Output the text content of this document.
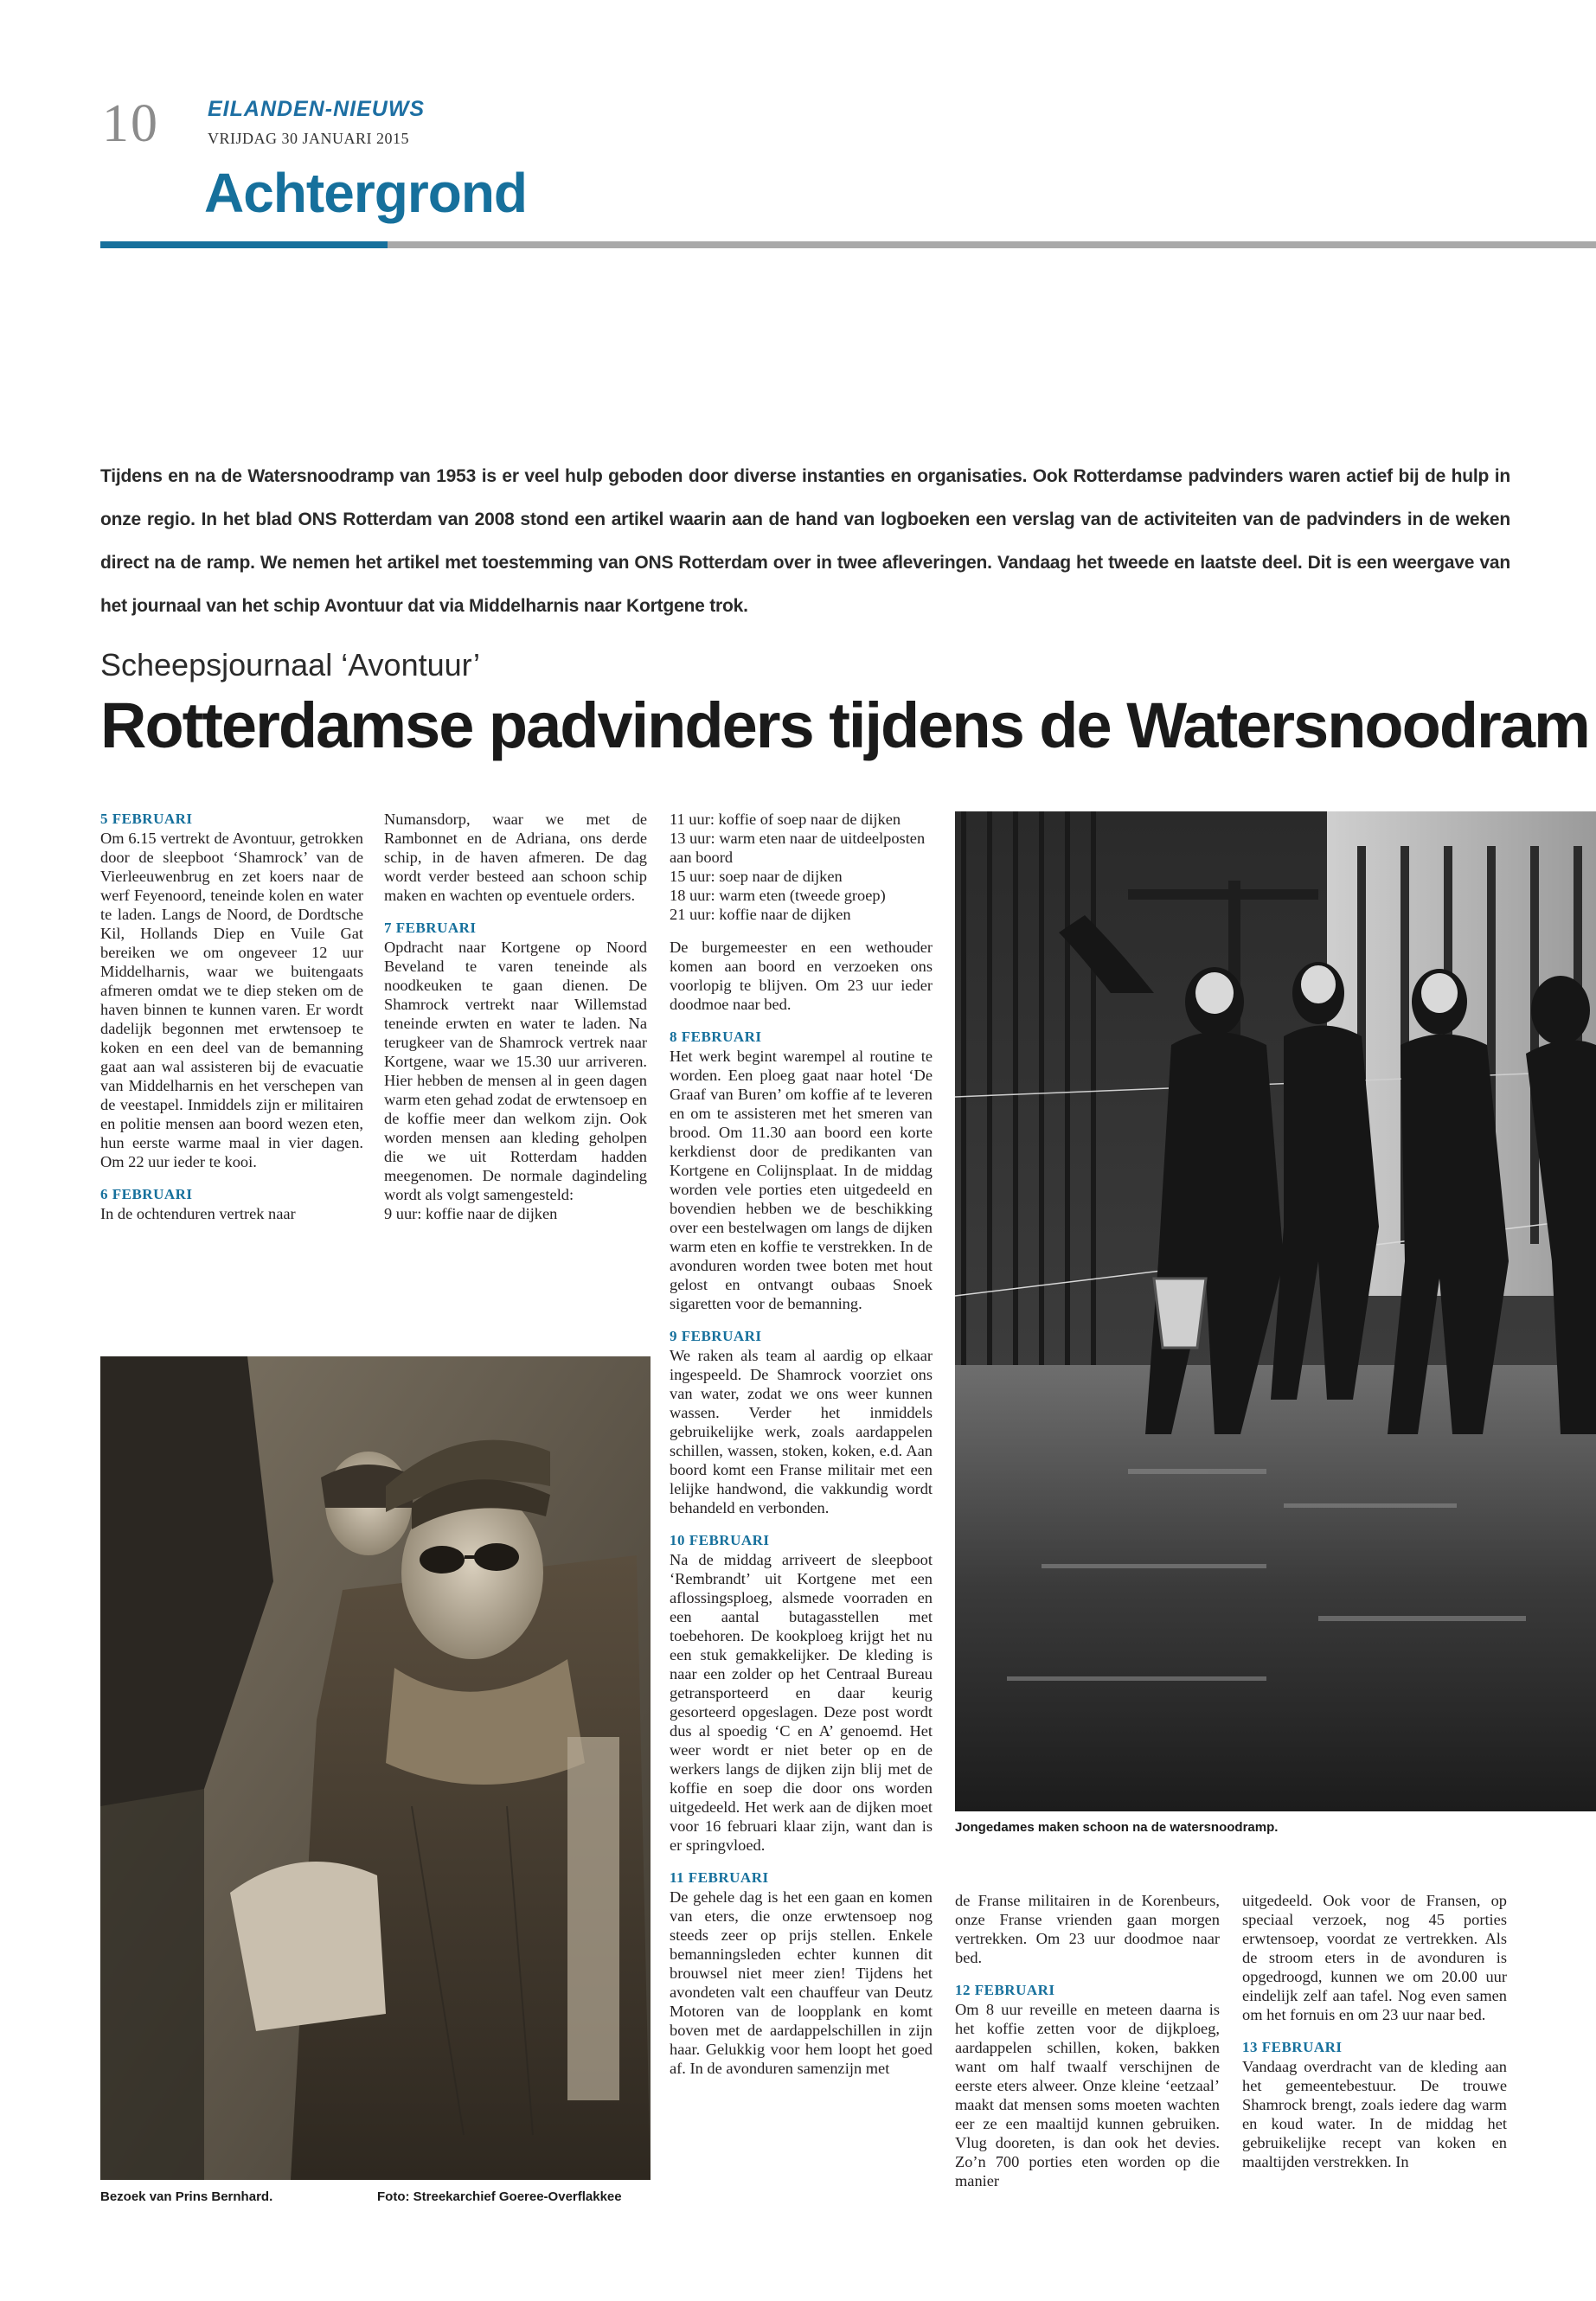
10 EILANDEN-NIEUWS
VRIJDAG 30 JANUARI 2015
Achtergrond
Tijdens en na de Watersnoodramp van 1953 is er veel hulp geboden door diverse instanties en organisaties. Ook Rotterdamse padvinders waren actief bij de hulp in onze regio. In het blad ONS Rotterdam van 2008 stond een artikel waarin aan de hand van logboeken een verslag van de activiteiten van de padvinders in de weken direct na de ramp. We nemen het artikel met toestemming van ONS Rotterdam over in twee afleveringen. Vandaag het tweede en laatste deel. Dit is een weergave van het journaal van het schip Avontuur dat via Middelharnis naar Kortgene trok.
Scheepsjournaal ‘Avontuur’
Rotterdamse padvinders tijdens de Watersnoodram
5 FEBRUARI

Om 6.15 vertrekt de Avontuur, getrokken door de sleepboot ‘Shamrock’ van de Vierleeuwenbrug en zet koers naar de werf Feyenoord, teneinde kolen en water te laden. Langs de Noord, de Dordtsche Kil, Hollands Diep en Vuile Gat bereiken we om ongeveer 12 uur Middelharnis, waar we buitengaats afmeren omdat we te diep steken om de haven binnen te kunnen varen. Er wordt dadelijk begonnen met erwtensoep te koken en een deel van de bemanning gaat aan wal assisteren bij de evacuatie van Middelharnis en het verschepen van de veestapel. Inmiddels zijn er militairen en politie mensen aan boord wezen eten, hun eerste warme maal in vier dagen. Om 22 uur ieder te kooi.

6 FEBRUARI

In de ochtenduren vertrek naar

Numansdorp, waar we met de Rambonnet en de Adriana, ons derde schip, in de haven afmeren. De dag wordt verder besteed aan schoon schip maken en wachten op eventuele orders.

7 FEBRUARI

Opdracht naar Kortgene op Noord Beveland te varen teneinde als noodkeuken te gaan dienen. De Shamrock vertrekt naar Willemstad teneinde erwten en water te laden. Na terugkeer van de Shamrock vertrek naar Kortgene, waar we 15.30 uur arriveren. Hier hebben de mensen al in geen dagen warm eten gehad zodat de erwtensoep en de koffie meer dan welkom zijn. Ook worden mensen aan kleding geholpen die we uit Rotterdam hadden meegenomen. De normale dagindeling wordt als volgt samengesteld:

9 uur: koffie naar de dijken
11 uur: koffie of soep naar de dijken
13 uur: warm eten naar de uitdeelposten aan boord
15 uur: soep naar de dijken
18 uur: warm eten (tweede groep)
21 uur: koffie naar de dijken

De burgemeester en een wethouder komen aan boord en verzoeken ons voorlopig te blijven. Om 23 uur ieder doodmoe naar bed.

8 FEBRUARI

Het werk begint warempel al routine te worden. Een ploeg gaat naar hotel ‘De Graaf van Buren’ om koffie af te leveren en om te assisteren met het smeren van brood. Om 11.30 aan boord een korte kerkdienst door de predikanten van Kortgene en Colijnsplaat. In de middag worden vele porties eten uitgedeeld en bovendien hebben we de beschikking over een bestelwagen om langs de dijken warm eten en koffie te verstrekken. In de avonduren worden twee boten met hout gelost en ontvangt oubaas Snoek sigaretten voor de bemanning.

9 FEBRUARI

We raken als team al aardig op elkaar ingespeeld. De Shamrock voorziet ons van water, zodat we ons weer kunnen wassen. Verder het inmiddels gebruikelijke werk, zoals aardappelen schillen, wassen, stoken, koken, e.d. Aan boord komt een Franse militair met een lelijke handwond, die vakkundig wordt behandeld en verbonden.

10 FEBRUARI

Na de middag arriveert de sleepboot ‘Rembrandt’ uit Kortgene met een aflossingsploeg, alsmede voorraden en een aantal butagasstellen met toebehoren. De kookploeg krijgt het nu een stuk gemakkelijker. De kleding is naar een zolder op het Centraal Bureau getransporteerd en daar keurig gesorteerd opgeslagen. Deze post wordt dus al spoedig ‘C en A’ genoemd. Het weer wordt er niet beter op en de werkers langs de dijken zijn blij met de koffie en soep die door ons worden uitgedeeld. Het werk aan de dijken moet voor 16 februari klaar zijn, want dan is er springvloed.

11 FEBRUARI

De gehele dag is het een gaan en komen van eters, die onze erwtensoep nog steeds zeer op prijs stellen. Enkele bemanningsleden echter kunnen dit brouwsel niet meer zien! Tijdens het avondeten valt een chauffeur van Deutz Motoren van de loopplank en komt boven met de aardappelschillen in zijn haar. Gelukkig voor hem loopt het goed af. In de avonduren samenzijn met

Jongedames maken schoon na de watersnoodramp.
Bezoek van Prins Bernhard.	Foto: Streekarchief Goeree-Overflakkee

de Franse militairen in de Korenbeurs, onze Franse vrienden gaan morgen vertrekken. Om 23 uur doodmoe naar bed.

12 FEBRUARI

Om 8 uur reveille en meteen daarna is het koffie zetten voor de dijkploeg, aardappelen schillen, koken, bakken want om half twaalf verschijnen de eerste eters alweer. Onze kleine ‘eetzaal’ maakt dat mensen soms moeten wachten eer ze een maaltijd kunnen gebruiken. Vlug dooreten, is dan ook het devies. Zo’n 700 porties eten worden op die manier

uitgedeeld. Ook voor de Fransen, op speciaal verzoek, nog 45 porties erwtensoep, voordat ze vertrekken. Als de stroom eters in de avonduren is opgedroogd, kunnen we om 20.00 uur eindelijk zelf aan tafel. Nog even samen om het fornuis en om 23 uur naar bed.

13 FEBRUARI

Vandaag overdracht van de kleding aan het gemeentebestuur. De trouwe Shamrock brengt, zoals iedere dag warm en koud water. In de middag het gebruikelijke recept van koken en maaltijden verstrekken. In
